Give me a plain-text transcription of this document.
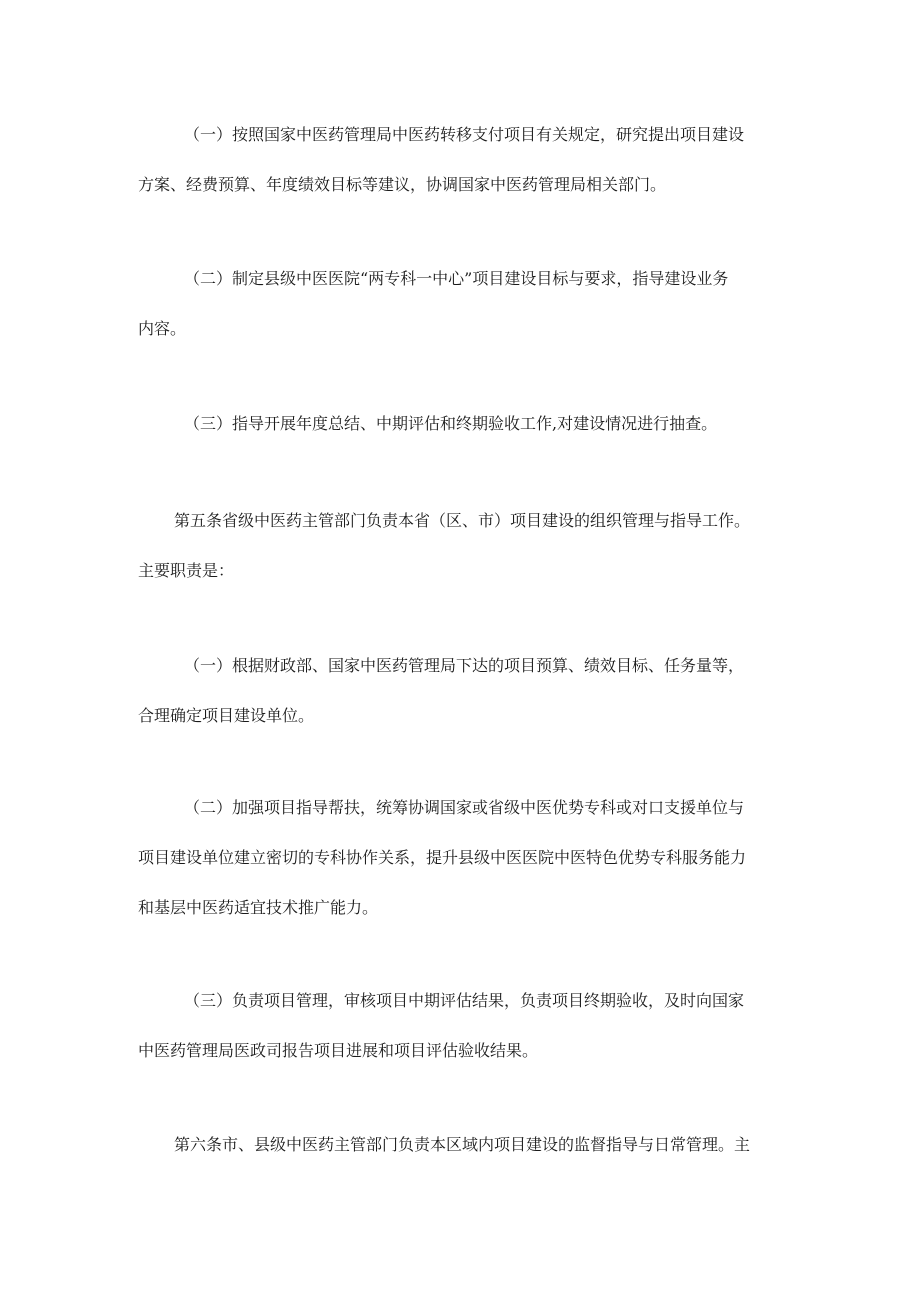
（一）按照国家中医药管理局中医药转移支付项目有关规定，研究提出项目建设
方案、经费预算、年度绩效目标等建议，协调国家中医药管理局相关部门。
（二）制定县级中医医院“两专科一中心”项目建设目标与要求，指导建设业务
内容。
（三）指导开展年度总结、中期评估和终期验收工作,对建设情况进行抽查。
第五条省级中医药主管部门负责本省（区、市）项目建设的组织管理与指导工作。
主要职责是：
（一）根据财政部、国家中医药管理局下达的项目预算、绩效目标、任务量等，
合理确定项目建设单位。
（二）加强项目指导帮扶，统筹协调国家或省级中医优势专科或对口支援单位与
项目建设单位建立密切的专科协作关系，提升县级中医医院中医特色优势专科服务能力
和基层中医药适宜技术推广能力。
（三）负责项目管理，审核项目中期评估结果，负责项目终期验收，及时向国家
中医药管理局医政司报告项目进展和项目评估验收结果。
第六条市、县级中医药主管部门负责本区域内项目建设的监督指导与日常管理。主
